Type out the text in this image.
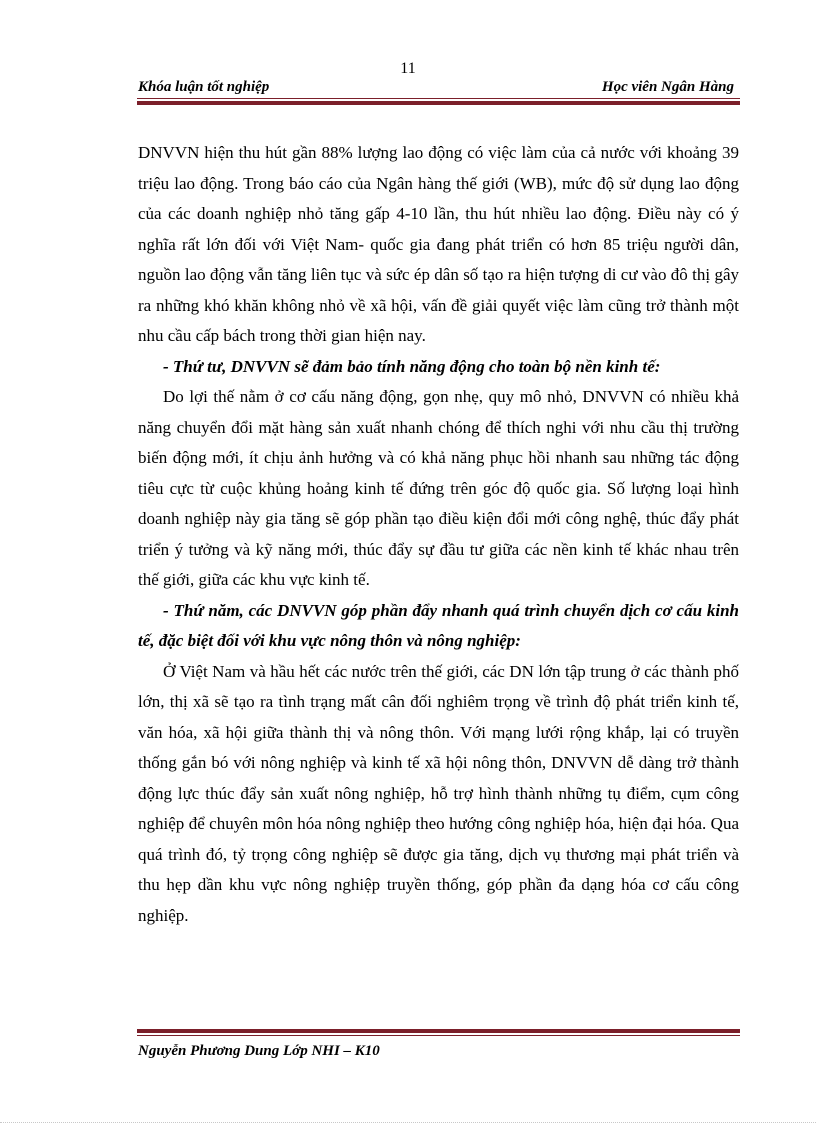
11
Khóa luận tốt nghiệp	Học viên Ngân Hàng

DNVVN hiện thu hút gần 88% lượng lao động có việc làm của cả nước với khoảng 39 triệu lao động. Trong báo cáo của Ngân hàng thế giới (WB), mức độ sử dụng lao động của các doanh nghiệp nhỏ tăng gấp 4-10 lần, thu hút nhiều lao động. Điều này có ý nghĩa rất lớn đối với Việt Nam- quốc gia đang phát triển có hơn 85 triệu người dân, nguồn lao động vẫn tăng liên tục và sức ép dân số tạo ra hiện tượng di cư vào đô thị gây ra những khó khăn không nhỏ về xã hội, vấn đề giải quyết việc làm cũng trở thành một nhu cầu cấp bách trong thời gian hiện nay.

- Thứ tư, DNVVN sẽ đảm bảo tính năng động cho toàn bộ nền kinh tế:

Do lợi thế nằm ở cơ cấu năng động, gọn nhẹ, quy mô nhỏ, DNVVN có nhiều khả năng chuyển đổi mặt hàng sản xuất nhanh chóng để thích nghi với nhu cầu thị trường biến động mới, ít chịu ảnh hưởng và có khả năng phục hồi nhanh sau những tác động tiêu cực từ cuộc khủng hoảng kinh tế đứng trên góc độ quốc gia. Số lượng loại hình doanh nghiệp này gia tăng sẽ góp phần tạo điều kiện đổi mới công nghệ, thúc đẩy phát triển ý tưởng và kỹ năng mới, thúc đẩy sự đầu tư giữa các nền kinh tế khác nhau trên thế giới, giữa các khu vực kinh tế.

- Thứ năm, các DNVVN góp phần đẩy nhanh quá trình chuyển dịch cơ cấu kinh tế, đặc biệt đối với khu vực nông thôn và nông nghiệp:

Ở Việt Nam và hầu hết các nước trên thế giới, các DN lớn tập trung ở các thành phố lớn, thị xã sẽ tạo ra tình trạng mất cân đối nghiêm trọng về trình độ phát triển kinh tế, văn hóa, xã hội giữa thành thị và nông thôn. Với mạng lưới rộng khắp, lại có truyền thống gắn bó với nông nghiệp và kinh tế xã hội nông thôn, DNVVN dễ dàng trở thành động lực thúc đẩy sản xuất nông nghiệp, hỗ trợ hình thành những tụ điểm, cụm công nghiệp để chuyên môn hóa nông nghiệp theo hướng công nghiệp hóa, hiện đại hóa. Qua quá trình đó, tỷ trọng công nghiệp sẽ được gia tăng, dịch vụ thương mại phát triển và thu hẹp dần khu vực nông nghiệp truyền thống, góp phần đa dạng hóa cơ cấu công nghiệp.

Nguyễn Phương Dung Lớp NHI – K10
